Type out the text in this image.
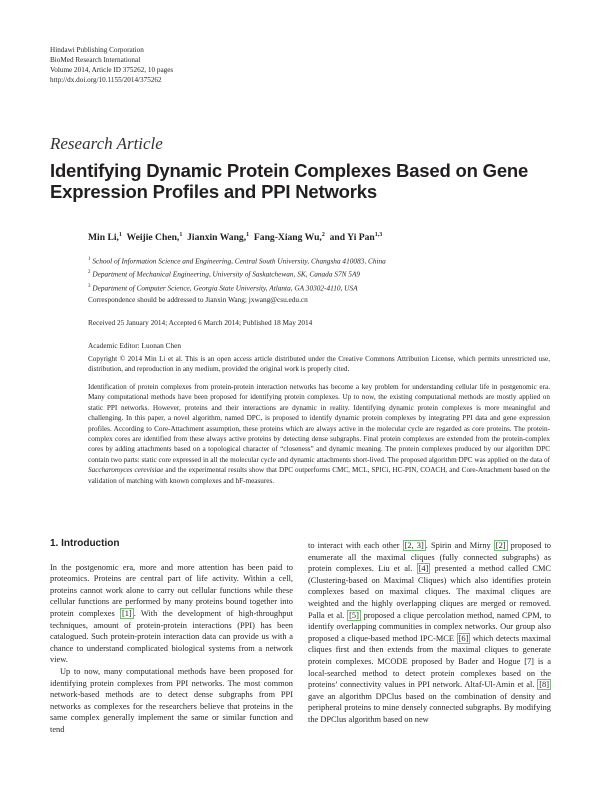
Hindawi Publishing Corporation
BioMed Research International
Volume 2014, Article ID 375262, 10 pages
http://dx.doi.org/10.1155/2014/375262
Research Article
Identifying Dynamic Protein Complexes Based on Gene Expression Profiles and PPI Networks
Min Li,$^1$ Weijie Chen,$^1$ Jianxin Wang,$^1$ Fang-Xiang Wu,$^2$ and Yi Pan$^{1,3}$
$^1$ School of Information Science and Engineering, Central South University, Changsha 410083, China
$^2$ Department of Mechanical Engineering, University of Saskatchewan, SK, Canada S7N 5A9
$^3$ Department of Computer Science, Georgia State University, Atlanta, GA 30302-4110, USA
Correspondence should be addressed to Jianxin Wang; jxwang@csu.edu.cn
Received 25 January 2014; Accepted 6 March 2014; Published 18 May 2014
Academic Editor: Luonan Chen
Copyright © 2014 Min Li et al. This is an open access article distributed under the Creative Commons Attribution License, which permits unrestricted use, distribution, and reproduction in any medium, provided the original work is properly cited.
Identification of protein complexes from protein-protein interaction networks has become a key problem for understanding cellular life in postgenomic era. Many computational methods have been proposed for identifying protein complexes. Up to now, the existing computational methods are mostly applied on static PPI networks. However, proteins and their interactions are dynamic in reality. Identifying dynamic protein complexes is more meaningful and challenging. In this paper, a novel algorithm, named DPC, is proposed to identify dynamic protein complexes by integrating PPI data and gene expression profiles. According to Core-Attachment assumption, these proteins which are always active in the molecular cycle are regarded as core proteins. The protein-complex cores are identified from these always active proteins by detecting dense subgraphs. Final protein complexes are extended from the protein-complex cores by adding attachments based on a topological character of “closeness” and dynamic meaning. The protein complexes produced by our algorithm DPC contain two parts: static core expressed in all the molecular cycle and dynamic attachments short-lived. The proposed algorithm DPC was applied on the data of Saccharomyces cerevisiae and the experimental results show that DPC outperforms CMC, MCL, SPICi, HC-PIN, COACH, and Core-Attachment based on the validation of matching with known complexes and hF-measures.
1. Introduction

In the postgenomic era, more and more attention has been paid to proteomics. Proteins are central part of life activity. Within a cell, proteins cannot work alone to carry out cellular functions while these cellular functions are performed by many proteins bound together into protein complexes [1] . With the development of high-throughput techniques, amount of protein-protein interactions (PPI) has been catalogued. Such protein-protein interaction data can provide us with a chance to understand complicated biological systems from a network view.

Up to now, many computational methods have been proposed for identifying protein complexes from PPI networks. The most common network-based methods are to detect dense subgraphs from PPI networks as complexes for the researchers believe that proteins in the same complex generally implement the same or similar function and tend

to interact with each other [2, 3] . Spirin and Mirny [2] proposed to enumerate all the maximal cliques (fully connected subgraphs) as protein complexes. Liu et al. [4] presented a method called CMC (Clustering-based on Maximal Cliques) which also identifies protein complexes based on maximal cliques. The maximal cliques are weighted and the highly overlapping cliques are merged or removed. Palla et al. [5] proposed a clique percolation method, named CPM, to identify overlapping communities in complex networks. Our group also proposed a clique-based method IPC-MCE [6] which detects maximal cliques first and then extends from the maximal cliques to generate protein complexes. MCODE proposed by Bader and Hogue [7] is a local-searched method to detect protein complexes based on the proteins’ connectivity values in PPI network. Altaf-Ul-Amin et al. [8] gave an algorithm DPClus based on the combination of density and peripheral proteins to mine densely connected subgraphs. By modifying the DPClus algorithm based on new
